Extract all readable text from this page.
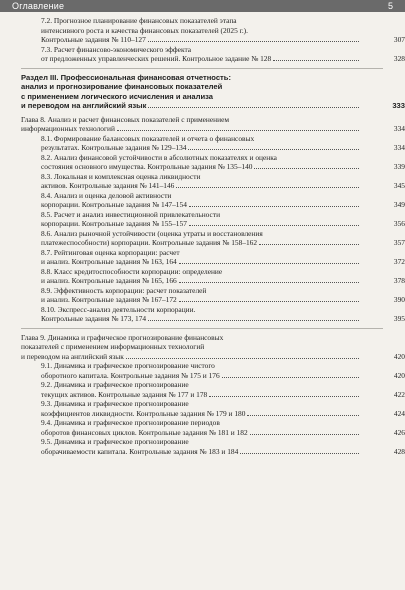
Оглавление	5
7.2. Прогнозное планирование финансовых показателей этапа
интенсивного роста и качества финансовых показателей (2025 г.).
Контрольные задания № 110–127	307
7.3. Расчет финансово-экономического эффекта
от предложенных управленческих решений. Контрольное задание № 128	328
Раздел III. Профессиональная финансовая отчетность:
анализ и прогнозирование финансовых показателей
с применением логического исчисления и анализа
и переводом на английский язык	333
Глава 8. Анализ и расчет финансовых показателей с применением
информационных технологий	334
8.1. Формирование балансовых показателей и отчета о финансовых
результатах. Контрольные задания № 129–134	334
8.2. Анализ финансовой устойчивости в абсолютных показателях и оценка
состояния основного имущества. Контрольные задания № 135–140	339
8.3. Локальная и комплексная оценка ликвидности
активов. Контрольные задания № 141–146	345
8.4. Анализ и оценка деловой активности
корпорации. Контрольные задания № 147–154	349
8.5. Расчет и анализ инвестиционной привлекательности
корпорации. Контрольные задания № 155–157	356
8.6. Анализ рыночной устойчивости (оценка утраты и восстановления
платежеспособности) корпорации. Контрольные задания № 158–162	357
8.7. Рейтинговая оценка корпорации: расчет
и анализ. Контрольные задания № 163, 164	372
8.8. Класс кредитоспособности корпорации: определение
и анализ. Контрольные задания № 165, 166	378
8.9. Эффективность корпорации: расчет показателей
и анализ. Контрольные задания № 167–172	390
8.10. Экспресс-анализ деятельности корпорации.
Контрольные задания № 173, 174	395
Глава 9. Динамика и графическое прогнозирование финансовых
показателей с применением информационных технологий
и переводом на английский язык	420
9.1. Динамика и графическое прогнозирование чистого
оборотного капитала. Контрольные задания № 175 и 176	420
9.2. Динамика и графическое прогнозирование
текущих активов. Контрольные задания № 177 и 178	422
9.3. Динамика и графическое прогнозирование
коэффициентов ликвидности. Контрольные задания № 179 и 180	424
9.4. Динамика и графическое прогнозирование периодов
оборотов финансовых циклов. Контрольные задания № 181 и 182	426
9.5. Динамика и графическое прогнозирование
оборачиваемости капитала. Контрольные задания № 183 и 184	428
